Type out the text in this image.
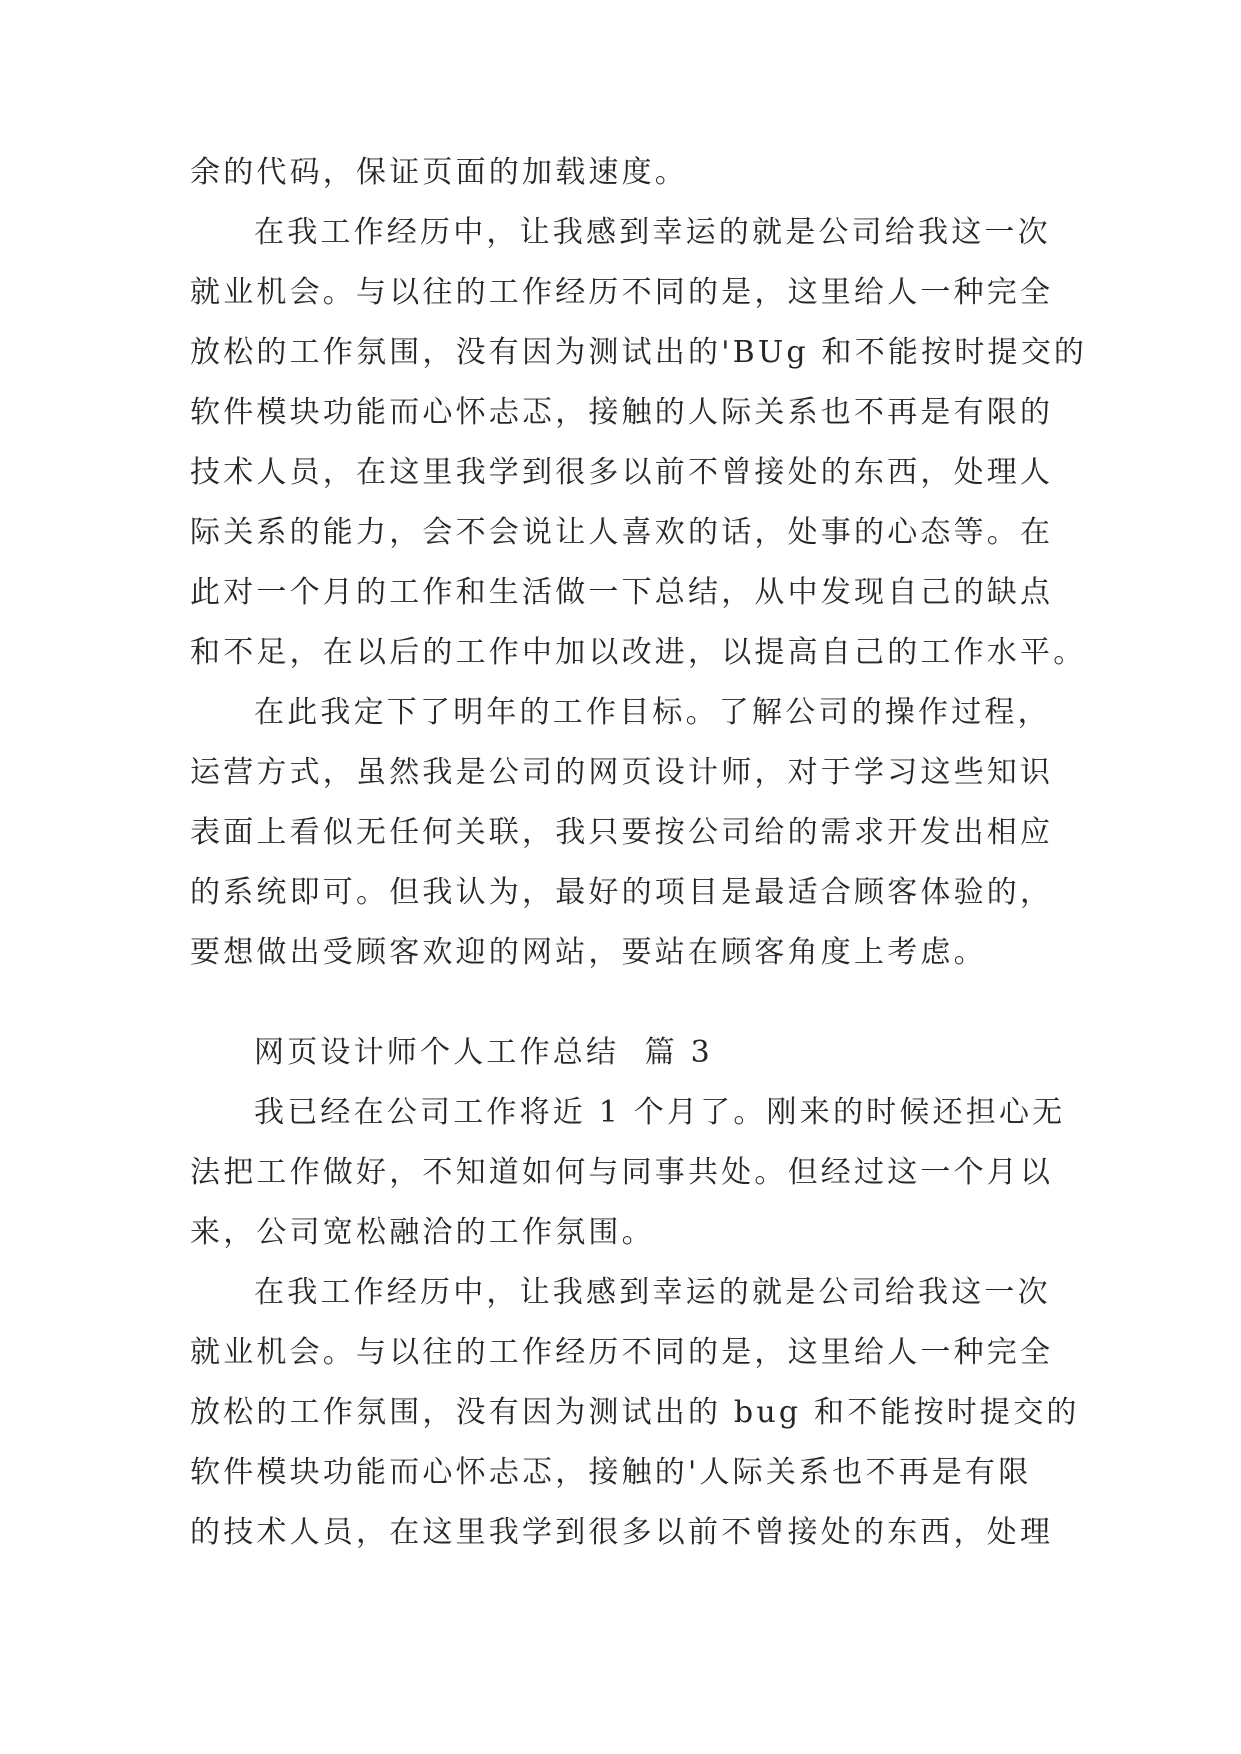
余的代码，保证页面的加载速度。
在我工作经历中，让我感到幸运的就是公司给我这一次
就业机会。与以往的工作经历不同的是，这里给人一种完全
放松的工作氛围，没有因为测试出的'BUg 和不能按时提交的
软件模块功能而心怀忐忑，接触的人际关系也不再是有限的
技术人员，在这里我学到很多以前不曾接处的东西，处理人
际关系的能力，会不会说让人喜欢的话，处事的心态等。在
此对一个月的工作和生活做一下总结，从中发现自己的缺点
和不足，在以后的工作中加以改进，以提高自己的工作水平。
在此我定下了明年的工作目标。了解公司的操作过程，
运营方式，虽然我是公司的网页设计师，对于学习这些知识
表面上看似无任何关联，我只要按公司给的需求开发出相应
的系统即可。但我认为，最好的项目是最适合顾客体验的，
要想做出受顾客欢迎的网站，要站在顾客角度上考虑。
网页设计师个人工作总结  篇 3
我已经在公司工作将近 1 个月了。刚来的时候还担心无
法把工作做好，不知道如何与同事共处。但经过这一个月以
来，公司宽松融洽的工作氛围。
在我工作经历中，让我感到幸运的就是公司给我这一次
就业机会。与以往的工作经历不同的是，这里给人一种完全
放松的工作氛围，没有因为测试出的 bug 和不能按时提交的
软件模块功能而心怀忐忑，接触的'人际关系也不再是有限
的技术人员，在这里我学到很多以前不曾接处的东西，处理
